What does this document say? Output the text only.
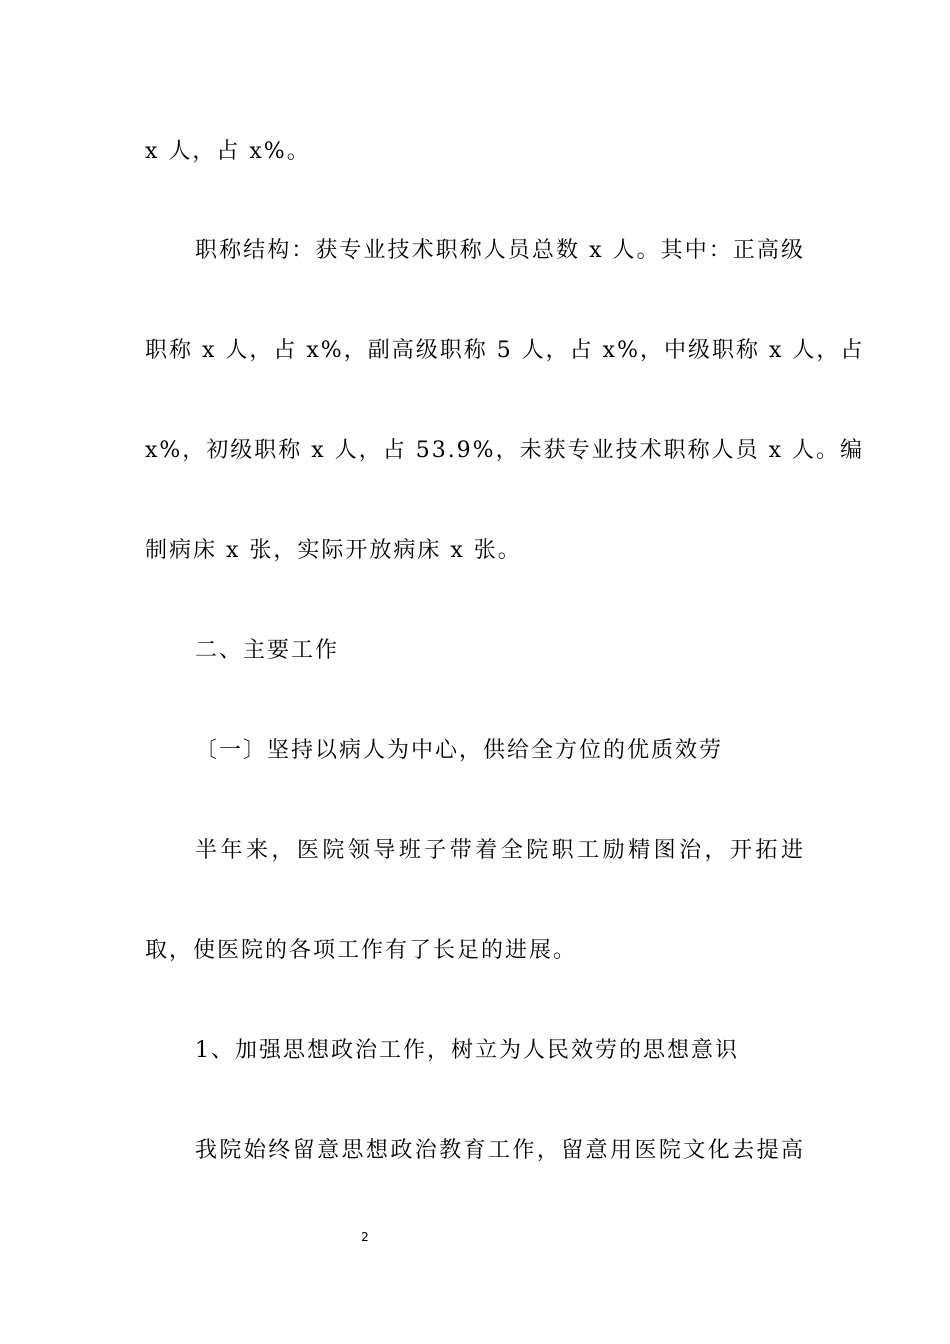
x 人，占 x%。
职称结构：获专业技术职称人员总数 x 人。其中：正高级
职称 x 人，占 x%，副高级职称 5 人，占 x%，中级职称 x 人，占
x%，初级职称 x 人，占 53.9%，未获专业技术职称人员 x 人。编
制病床 x 张，实际开放病床 x 张。
二、主要工作
〔一〕坚持以病人为中心，供给全方位的优质效劳
半年来，医院领导班子带着全院职工励精图治，开拓进
取，使医院的各项工作有了长足的进展。
1、加强思想政治工作，树立为人民效劳的思想意识
我院始终留意思想政治教育工作，留意用医院文化去提高
2
